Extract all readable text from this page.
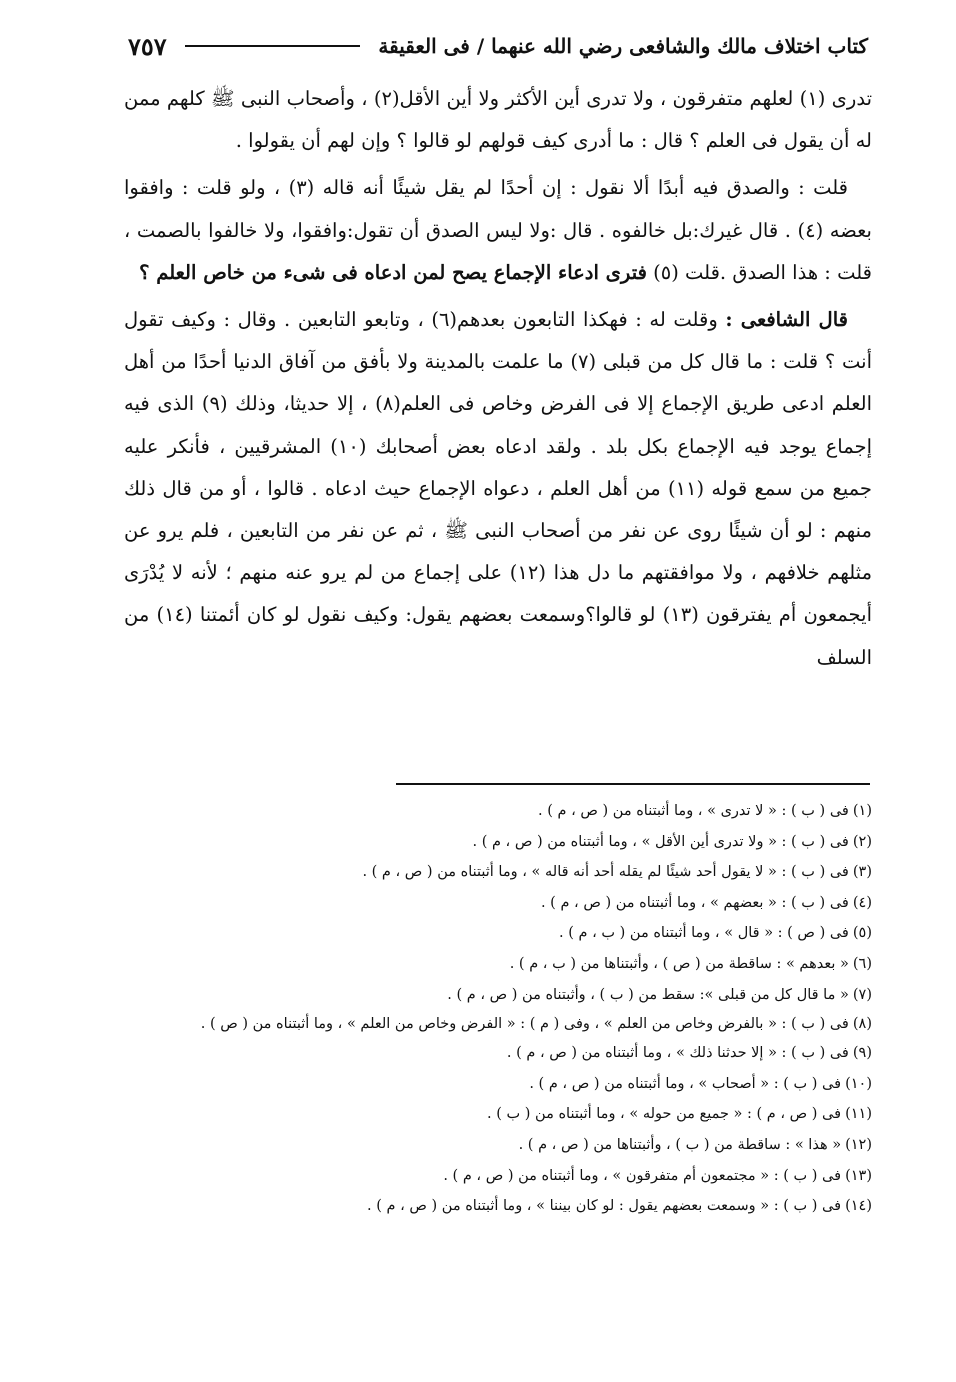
كتاب اختلاف مالك والشافعى رضي الله عنهما / فى العقيقة
٧٥٧

تدرى (١) لعلهم متفرقون ، ولا تدرى أين الأكثر ولا أين الأقل(٢) ، وأصحاب النبى ﷺ كلهم ممن له أن يقول فى العلم ؟ قال : ما أدرى كيف قولهم لو قالوا ؟ وإن لهم أن يقولوا .

قلت : والصدق فيه أبدًا ألا نقول : إن أحدًا لم يقل شيئًا أنه قاله (٣) ، ولو قلت : وافقوا بعضه (٤) . قال غيرك:بل خالفوه . قال :ولا ليس الصدق أن تقول:وافقوا، ولا خالفوا بالصمت ، قلت : هذا الصدق .قلت (٥) فترى ادعاء الإجماع يصح لمن ادعاه فى شىء من خاص العلم ؟

قال الشافعى : وقلت له : فهكذا التابعون بعدهم(٦) ، وتابعو التابعين . وقال : وكيف تقول أنت ؟ قلت : ما قال كل من قبلى (٧) ما علمت بالمدينة ولا بأفق من آفاق الدنيا أحدًا من أهل العلم ادعى طريق الإجماع إلا فى الفرض وخاص فى العلم(٨) ، إلا حديثا، وذلك (٩) الذى فيه إجماع يوجد فيه الإجماع بكل بلد . ولقد ادعاه بعض أصحابك (١٠) المشرقيين ، فأنكر عليه جميع من سمع قوله (١١) من أهل العلم ، دعواه الإجماع حيث ادعاه . قالوا ، أو من قال ذلك منهم : لو أن شيئًا روى عن نفر من أصحاب النبى ﷺ ، ثم عن نفر من التابعين ، فلم يرو عن مثلهم خلافهم ، ولا موافقتهم ما دل هذا (١٢) على إجماع من لم يرو عنه منهم ؛ لأنه لا يُدْرَى أيجمعون أم يفترقون (١٣) لو قالوا؟وسمعت بعضهم يقول: وكيف نقول لو كان أئمتنا (١٤) من السلف

(١)فى ( ب ) : « لا تدرى » ، وما أثبتناه من ( ص ، م ) .
(٢)فى ( ب ) : « ولا تدرى أين الأقل » ، وما أثبتناه من ( ص ، م ) .
(٣)فى ( ب ) : « لا يقول أحد شيئًا لم يقله أحد أنه قاله » ، وما أثبتناه من ( ص ، م ) .
(٤)فى ( ب ) : « بعضهم » ، وما أثبتناه من ( ص ، م ) .
(٥)فى ( ص ) : « قال » ، وما أثبتناه من ( ب ، م ) .
(٦)« بعدهم » : ساقطة من ( ص ) ، وأثبتناها من ( ب ، م ) .
(٧)« ما قال كل من قبلى »: سقط من ( ب ) ، وأثبتناه من ( ص ، م ) .
(٨)فى ( ب ) : « بالفرض وخاص من العلم » ، وفى ( م ) : « الفرض وخاص من العلم » ، وما أثبتناه من ( ص ) .
(٩)فى ( ب ) : « إلا حدثنا ذلك » ، وما أثبتناه من ( ص ، م ) .
(١٠)فى ( ب ) : « أصحاب » ، وما أثبتناه من ( ص ، م ) .
(١١)فى ( ص ، م ) : « جميع من حوله » ، وما أثبتناه من ( ب ) .
(١٢)« هذا » : ساقطة من ( ب ) ، وأثبتناها من ( ص ، م ) .
(١٣)فى ( ب ) : « مجتمعون أم متفرقون » ، وما أثبتناه من ( ص ، م ) .
(١٤)فى ( ب ) : « وسمعت بعضهم يقول : لو كان بيننا » ، وما أثبتناه من ( ص ، م ) .
